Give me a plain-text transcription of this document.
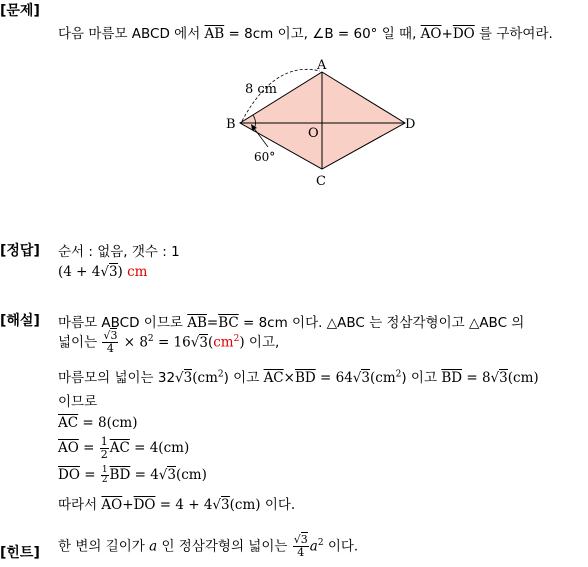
[문제]
다음 마름모 ABCD 에서 $\overline{AB} = 8cm$ 이고, ∠B = 60° 일 때, $\overline{AO}+\overline{DO}$ 를 구하여라.
A
B
C
D
O
8 cm
60°
[정답] 순서 : 없음, 갯수 : 1
(4 + 4√3) cm
[해설] 마름모 ABCD 이므로 $\overline{AB}=\overline{BC} = 8cm$ 이다. △ABC 는 정삼각형이고 △ABC 의
넓이는 $\frac{√3}{4} \times 8^2 = 16√3(cm^2)$ 이고,
마름모의 넓이는 $32√3(cm^2)$ 이고 $\overline{AC}\times\overline{BD} = 64√3(cm^2)$ 이고 $\overline{BD} = 8√3(cm)$
이므로
$\overline{AC} = 8(cm)$
$\overline{AO} = \frac{1}{2} \overline{AC} = 4(cm)$
$\overline{DO} = \frac{1}{2} \overline{BD} = 4√3(cm)$
따라서 $\overline{AO}+\overline{DO} = 4 + 4√3(cm)$ 이다.
[힌트] 한 변의 길이가 a 인 정삼각형의 넓이는 $\frac{√3}{4} a^2$ 이다.
